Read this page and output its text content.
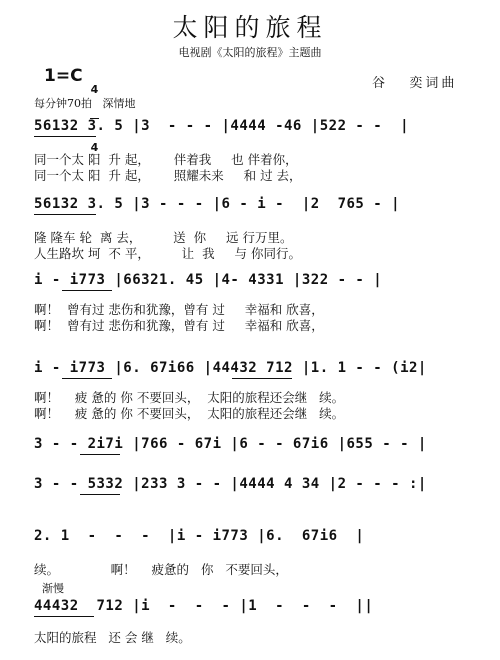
太阳的旅程
电视剧《太阳的旅程》主题曲
1=C

4

4

谷   奕词曲
每分钟70拍   深情地
56132 3. 5 |3  - - - |4444 -46 |522 - -  |
同一个太 阳  升 起，      伴着我     也 伴着你，
同一个太 阳  升 起，      照耀未来     和 过 去，
56132 3. 5 |3 - - - |6 - i -  |2  765 - |
隆 隆车 轮  离 去，        送  你     远 行万里。
人生路坎 坷  不 平，        让  我     与 你同行。
i - i773 |66321. 45 |4- 4331 |322 - - |
啊！  曾有过 悲伤和犹豫，曾有 过     幸福和 欣喜，
啊！  曾有过 悲伤和犹豫，曾有 过     幸福和 欣喜，
i - i773 |6. 67i66 |44432 712 |1. 1 - - (i2|
啊！    疲 惫的 你 不要回头，  太阳的旅程还会继   续。
啊！    疲 惫的 你 不要回头，  太阳的旅程还会继   续。
3 - - 2i7i |766 - 67i |6 - - 67i6 |655 - - |
3 - - 5332 |233 3 - - |4444 4 34 |2 - - - :|
2. 1  -  -  -  |i - i773 |6.  67i6  |
续。             啊！    疲惫的   你   不要回头，
渐慢
44432  712 |i  -  -  - |1  -  -  -  ||
太阳的旅程   还 会 继   续。
